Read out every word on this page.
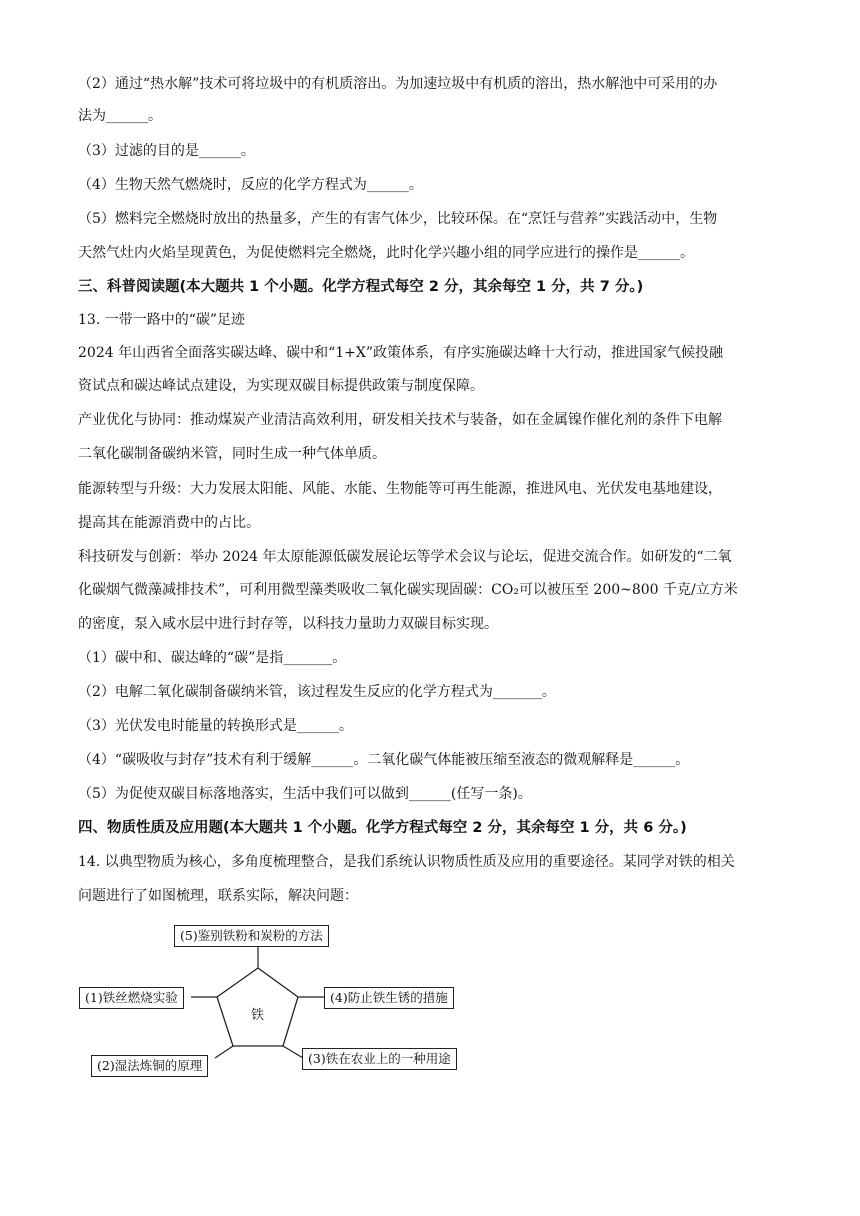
（2）通过“热水解”技术可将垃圾中的有机质溶出。为加速垃圾中有机质的溶出，热水解池中可采用的办
法为______。
（3）过滤的目的是______。
（4）生物天然气燃烧时，反应的化学方程式为______。
（5）燃料完全燃烧时放出的热量多，产生的有害气体少，比较环保。在“烹饪与营养”实践活动中，生物
天然气灶内火焰呈现黄色，为促使燃料完全燃烧，此时化学兴趣小组的同学应进行的操作是______。
三、科普阅读题(本大题共 1 个小题。化学方程式每空 2 分，其余每空 1 分，共 7 分。)
13. 一带一路中的“碳”足迹
2024 年山西省全面落实碳达峰、碳中和“1+X”政策体系，有序实施碳达峰十大行动，推进国家气候投融
资试点和碳达峰试点建设，为实现双碳目标提供政策与制度保障。
产业优化与协同：推动煤炭产业清洁高效利用，研发相关技术与装备，如在金属镍作催化剂的条件下电解
二氧化碳制备碳纳米管，同时生成一种气体单质。
能源转型与升级：大力发展太阳能、风能、水能、生物能等可再生能源，推进风电、光伏发电基地建设，
提高其在能源消费中的占比。
科技研发与创新：举办 2024 年太原能源低碳发展论坛等学术会议与论坛，促进交流合作。如研发的“二氧
化碳烟气微藻减排技术”，可利用微型藻类吸收二氧化碳实现固碳：CO₂可以被压至 200~800 千克/立方米
的密度，泵入咸水层中进行封存等，以科技力量助力双碳目标实现。
（1）碳中和、碳达峰的“碳”是指_______。
（2）电解二氧化碳制备碳纳米管，该过程发生反应的化学方程式为_______。
（3）光伏发电时能量的转换形式是______。
（4）“碳吸收与封存”技术有利于缓解______。二氧化碳气体能被压缩至液态的微观解释是______。
（5）为促使双碳目标落地落实，生活中我们可以做到______(任写一条)。
四、物质性质及应用题(本大题共 1 个小题。化学方程式每空 2 分，其余每空 1 分，共 6 分。)
14. 以典型物质为核心，多角度梳理整合，是我们系统认识物质性质及应用的重要途径。某同学对铁的相关
问题进行了如图梳理，联系实际，解决问题：
铁
(5)鉴别铁粉和炭粉的方法
(1)铁丝燃烧实验	(4)防止铁生锈的措施
(2)湿法炼铜的原理	(3)铁在农业上的一种用途
